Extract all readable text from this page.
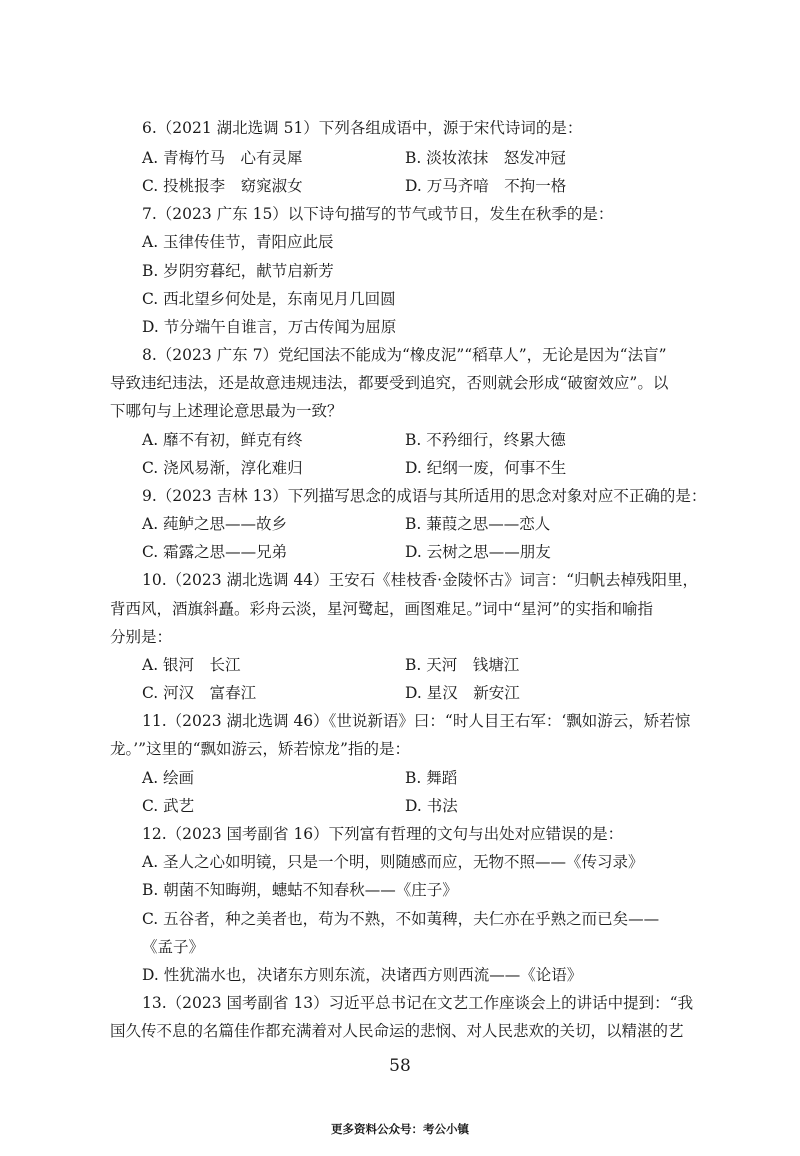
6.（2021 湖北选调 51）下列各组成语中，源于宋代诗词的是：
A. 青梅竹马　心有灵犀	B. 淡妆浓抹　怒发冲冠
C. 投桃报李　窈窕淑女	D. 万马齐喑　不拘一格
7.（2023 广东 15）以下诗句描写的节气或节日，发生在秋季的是：
A. 玉律传佳节，青阳应此辰
B. 岁阴穷暮纪，献节启新芳
C. 西北望乡何处是，东南见月几回圆
D. 节分端午自谁言，万古传闻为屈原
8.（2023 广东 7）党纪国法不能成为“橡皮泥”“稻草人”，无论是因为“法盲”
导致违纪违法，还是故意违规违法，都要受到追究，否则就会形成“破窗效应”。以
下哪句与上述理论意思最为一致？
A. 靡不有初，鲜克有终	B. 不矜细行，终累大德
C. 浇风易渐，淳化难归	D. 纪纲一废，何事不生
9.（2023 吉林 13）下列描写思念的成语与其所适用的思念对象对应不正确的是：
A. 莼鲈之思——故乡	B. 蒹葭之思——恋人
C. 霜露之思——兄弟	D. 云树之思——朋友
10.（2023 湖北选调 44）王安石《桂枝香·金陵怀古》词言：“归帆去棹残阳里，
背西风，酒旗斜矗。彩舟云淡，星河鹭起，画图难足。”词中“星河”的实指和喻指
分别是：
A. 银河　长江	B. 天河　钱塘江
C. 河汉　富春江	D. 星汉　新安江
11.（2023 湖北选调 46）《世说新语》曰：“时人目王右军：‘飘如游云，矫若惊
龙。’”这里的“飘如游云，矫若惊龙”指的是：
A. 绘画	B. 舞蹈
C. 武艺	D. 书法
12.（2023 国考副省 16）下列富有哲理的文句与出处对应错误的是：
A. 圣人之心如明镜，只是一个明，则随感而应，无物不照——《传习录》
B. 朝菌不知晦朔，蟪蛄不知春秋——《庄子》
C. 五谷者，种之美者也，苟为不熟，不如荑稗，夫仁亦在乎熟之而已矣——
《孟子》
D. 性犹湍水也，决诸东方则东流，决诸西方则西流——《论语》
13.（2023 国考副省 13）习近平总书记在文艺工作座谈会上的讲话中提到：“我
国久传不息的名篇佳作都充满着对人民命运的悲悯、对人民悲欢的关切，以精湛的艺
58
更多资料公众号：考公小镇
